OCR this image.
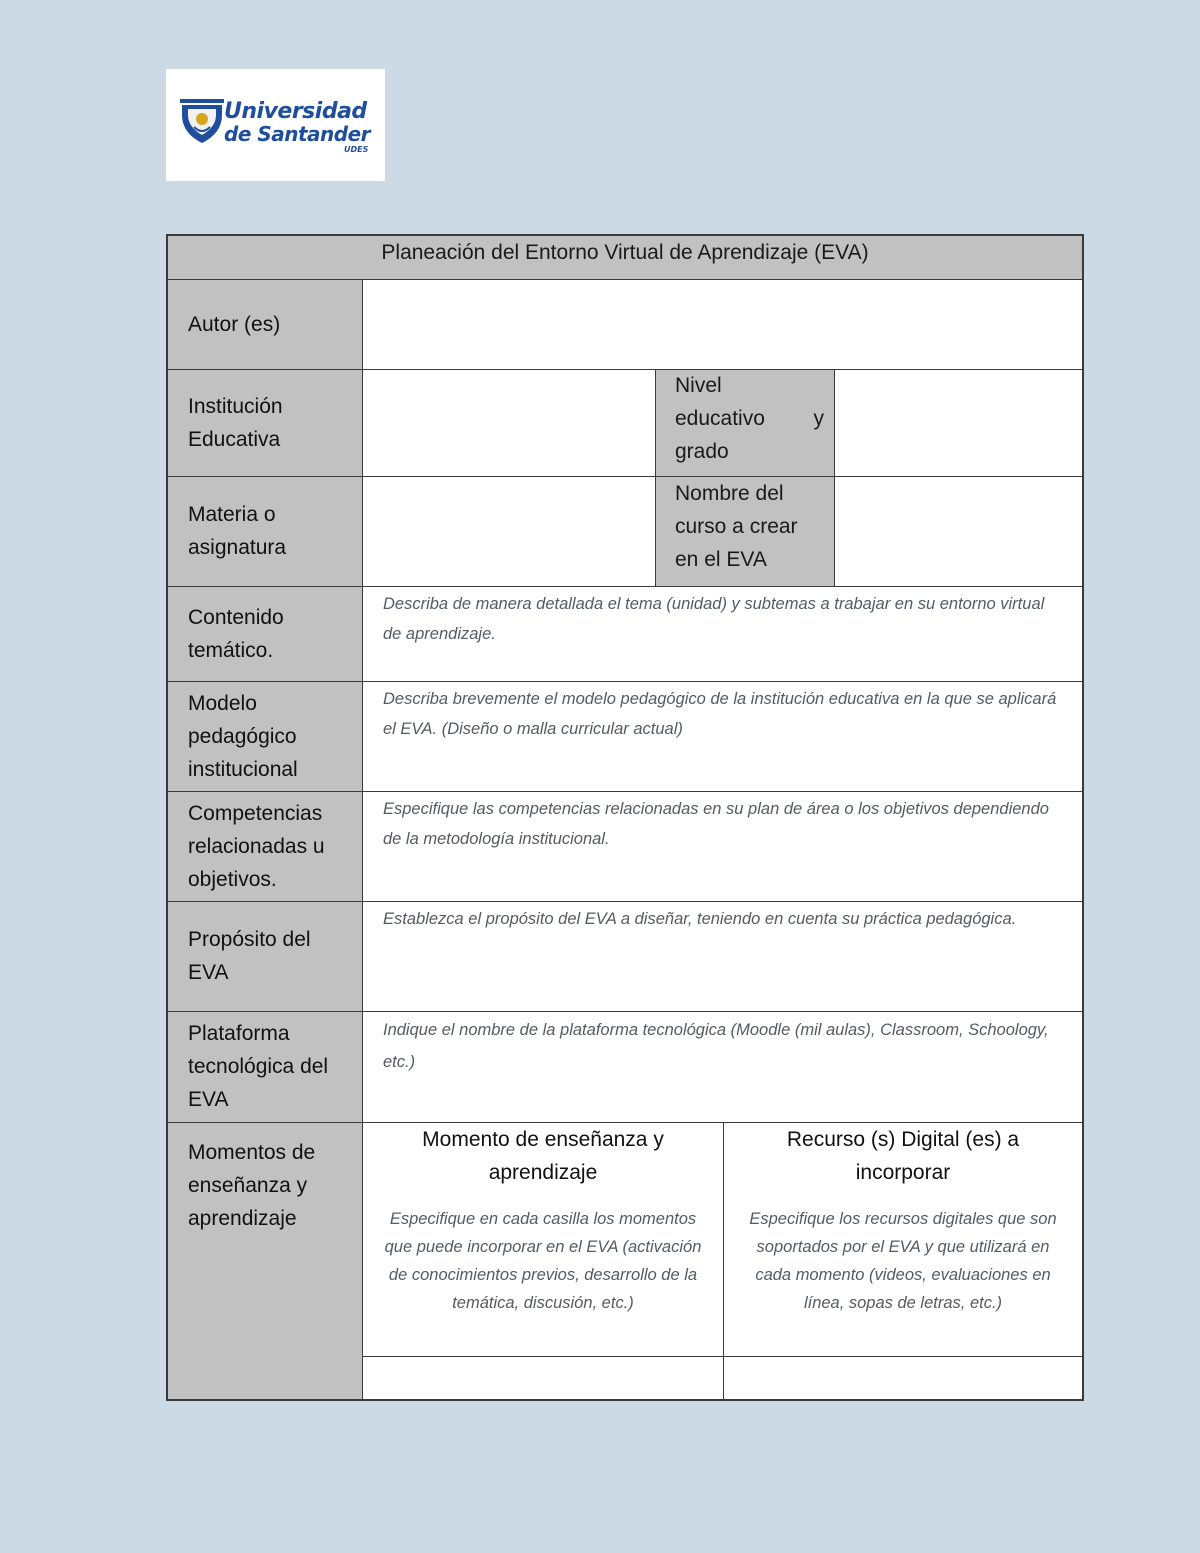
Universidad
de Santander
UDES
Planeación del Entorno Virtual de Aprendizaje (EVA)
Autor (es)
Institución
Educativa
Nivel
educativo y
grado
Materia o
asignatura
Nombre del
curso a crear
en el EVA
Contenido
temático.
Describa de manera detallada el tema (unidad) y subtemas a trabajar en su entorno virtual de aprendizaje.
Modelo
pedagógico
institucional
Describa brevemente el modelo pedagógico de la institución educativa en la que se aplicará el EVA. (Diseño o malla curricular actual)
Competencias
relacionadas u
objetivos.
Especifique las competencias relacionadas en su plan de área o los objetivos dependiendo de la metodología institucional.
Propósito del
EVA
Establezca el propósito del EVA a diseñar, teniendo en cuenta su práctica pedagógica.
Plataforma
tecnológica del
EVA
Indique el nombre de la plataforma tecnológica (Moodle (mil aulas), Classroom, Schoology, etc.)
Momentos de
enseñanza y
aprendizaje
Momento de enseñanza y aprendizaje
Especifique en cada casilla los momentos que puede incorporar en el EVA (activación de conocimientos previos, desarrollo de la temática, discusión, etc.)
Recurso (s) Digital (es) a incorporar
Especifique los recursos digitales que son soportados por el EVA y que utilizará en cada momento (videos, evaluaciones en línea, sopas de letras, etc.)
